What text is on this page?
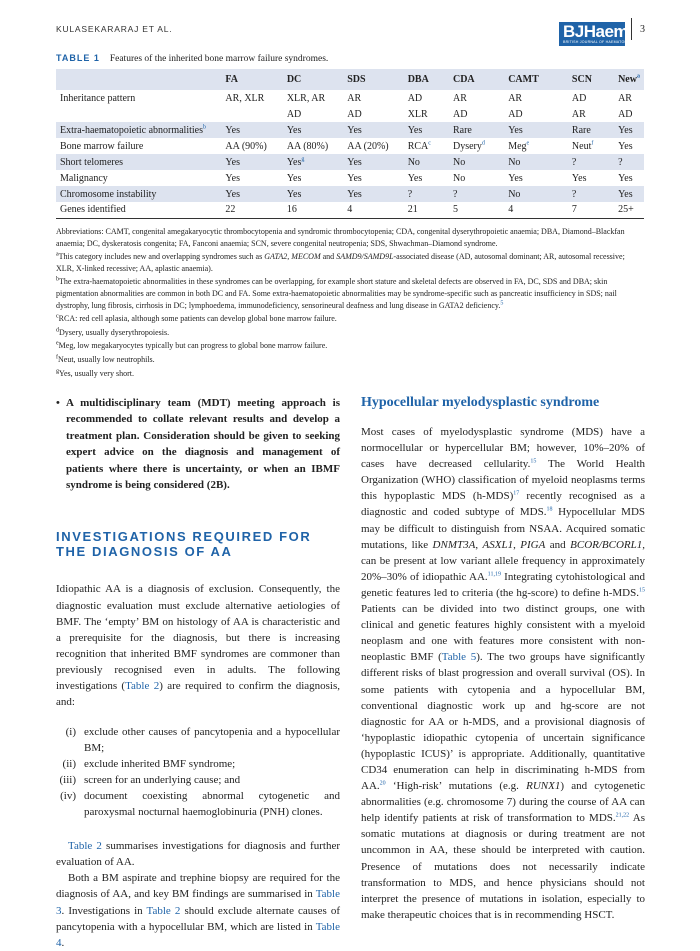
KULASEKARARAJ ET AL.	BJHaem
BRITISH JOURNAL OF HAEMATOLOGY
3
TABLE 1 Features of the inherited bone marrow failure syndromes.
	FA	DC	SDS	DBA	CDA	CAMT	SCN	New$^a$
Inheritance pattern	AR, XLR	XLR, AR	AR	AD	AR	AR	AD	AR
		AD	AD	XLR	AD	AD	AR	AD
Extra-haematopoietic abnormalities$^b$	Yes	Yes	Yes	Yes	Rare	Yes	Rare	Yes
Bone marrow failure	AA (90%)	AA (80%)	AA (20%)	RCA$^c$	Dysery$^d$	Meg$^e$	Neut$^f$	Yes
Short telomeres	Yes	Yes$^g$	Yes	No	No	No	?	?
Malignancy	Yes	Yes	Yes	Yes	No	Yes	Yes	Yes
Chromosome instability	Yes	Yes	Yes	?	?	No	?	Yes
Genes identified	22	16	4	21	5	4	7	25+

Abbreviations: CAMT, congenital amegakaryocytic thrombocytopenia and syndromic thrombocytopenia; CDA, congenital dyserythropoietic anaemia; DBA, Diamond–Blackfan anaemia; DC, dyskeratosis congenita; FA, Fanconi anaemia; SCN, severe congenital neutropenia; SDS, Shwachman–Diamond syndrome.

$^a$This category includes new and overlapping syndromes such as GATA2, MECOM and SAMD9/SAMD9L-associated disease (AD, autosomal dominant; AR, autosomal recessive; XLR, X-linked recessive; AA, aplastic anaemia).

$^b$The extra-haematopoietic abnormalities in these syndromes can be overlapping, for example short stature and skeletal defects are observed in FA, DC, SDS and DBA; skin pigmentation abnormalities are common in both DC and FA. Some extra-haematopoietic abnormalities may be syndrome-specific such as pancreatic insufficiency in SDS; nail dystrophy, lung fibrosis, cirrhosis in DC; lymphoedema, immunodeficiency, sensorineural deafness and lung disease in GATA2 deficiency.$^5$

$^c$RCA: red cell aplasia, although some patients can develop global bone marrow failure.

$^d$Dysery, usually dyserythropoiesis.

$^e$Meg, low megakaryocytes typically but can progress to global bone marrow failure.

$^f$Neut, usually low neutrophils.

$^g$Yes, usually very short.

• A multidisciplinary team (MDT) meeting approach is recommended to collate relevant results and develop a treatment plan. Consideration should be given to seeking expert advice on the diagnosis and management of patients where there is uncertainty, or when an IBMF syndrome is being considered (2B).
INVESTIGATIONS REQUIRED FOR THE DIAGNOSIS OF AA

Idiopathic AA is a diagnosis of exclusion. Consequently, the diagnostic evaluation must exclude alternative aetiologies of BMF. The ‘empty’ BM on histology of AA is characteristic and a prerequisite for the diagnosis, but there is increasing recognition that inherited BMF syndromes are commoner than previously recognised even in adults. The following investigations (Table 2) are required to confirm the diagnosis, and:

(i) exclude other causes of pancytopenia and a hypocellular BM;
(ii) exclude inherited BMF syndrome;
(iii) screen for an underlying cause; and
(iv) document coexisting abnormal cytogenetic and paroxysmal nocturnal haemoglobinuria (PNH) clones.

Table 2 summarises investigations for diagnosis and further evaluation of AA.

Both a BM aspirate and trephine biopsy are required for the diagnosis of AA, and key BM findings are summarised in Table 3. Investigations in Table 2 should exclude alternate causes of pancytopenia with a hypocellular BM, which are listed in Table 4.

Hypocellular myelodysplastic syndrome

Most cases of myelodysplastic syndrome (MDS) have a normocellular or hypercellular BM; however, 10%–20% of cases have decreased cellularity.$^{15}$ The World Health Organization (WHO) classification of myeloid neoplasms terms this hypoplastic MDS $(h-MDS)^{17}$ recently recognised as a diagnostic and coded subtype of MDS.$^{18}$ Hypocellular MDS may be difficult to distinguish from NSAA. Acquired somatic mutations, like DNMT3A, ASXL1, PIGA and BCOR/BCORL1, can be present at low variant allele frequency in approximately 20%–30% of idiopathic AA.$^{11,19}$ Integrating cytohistological and genetic features led to criteria (the hg-score) to define h-MDS.$^{15}$ Patients can be divided into two distinct groups, one with clinical and genetic features highly consistent with a myeloid neoplasm and one with features more consistent with non-neoplastic BMF (Table 5). The two groups have significantly different risks of blast progression and overall survival (OS). In some patients with cytopenia and a hypocellular BM, conventional diagnostic work up and hg-score are not diagnostic for AA or h-MDS, and a provisional diagnosis of ‘hypoplastic idiopathic cytopenia of uncertain significance (hypoplastic ICUS)’ is appropriate. Additionally, quantitative CD34 enumeration can help in discriminating h-MDS from AA.$^{20}$ ‘High-risk’ mutations (e.g. RUNX1) and cytogenetic abnormalities (e.g. chromosome 7) during the course of AA can help identify patients at risk of transformation to MDS.$^{21,22}$ As somatic mutations at diagnosis or during treatment are not uncommon in AA, these should be interpreted with caution. Presence of mutations does not necessarily indicate transformation to MDS, and hence physicians should not interpret the presence of mutations in isolation, especially to make therapeutic choices that is in recommending HSCT.
